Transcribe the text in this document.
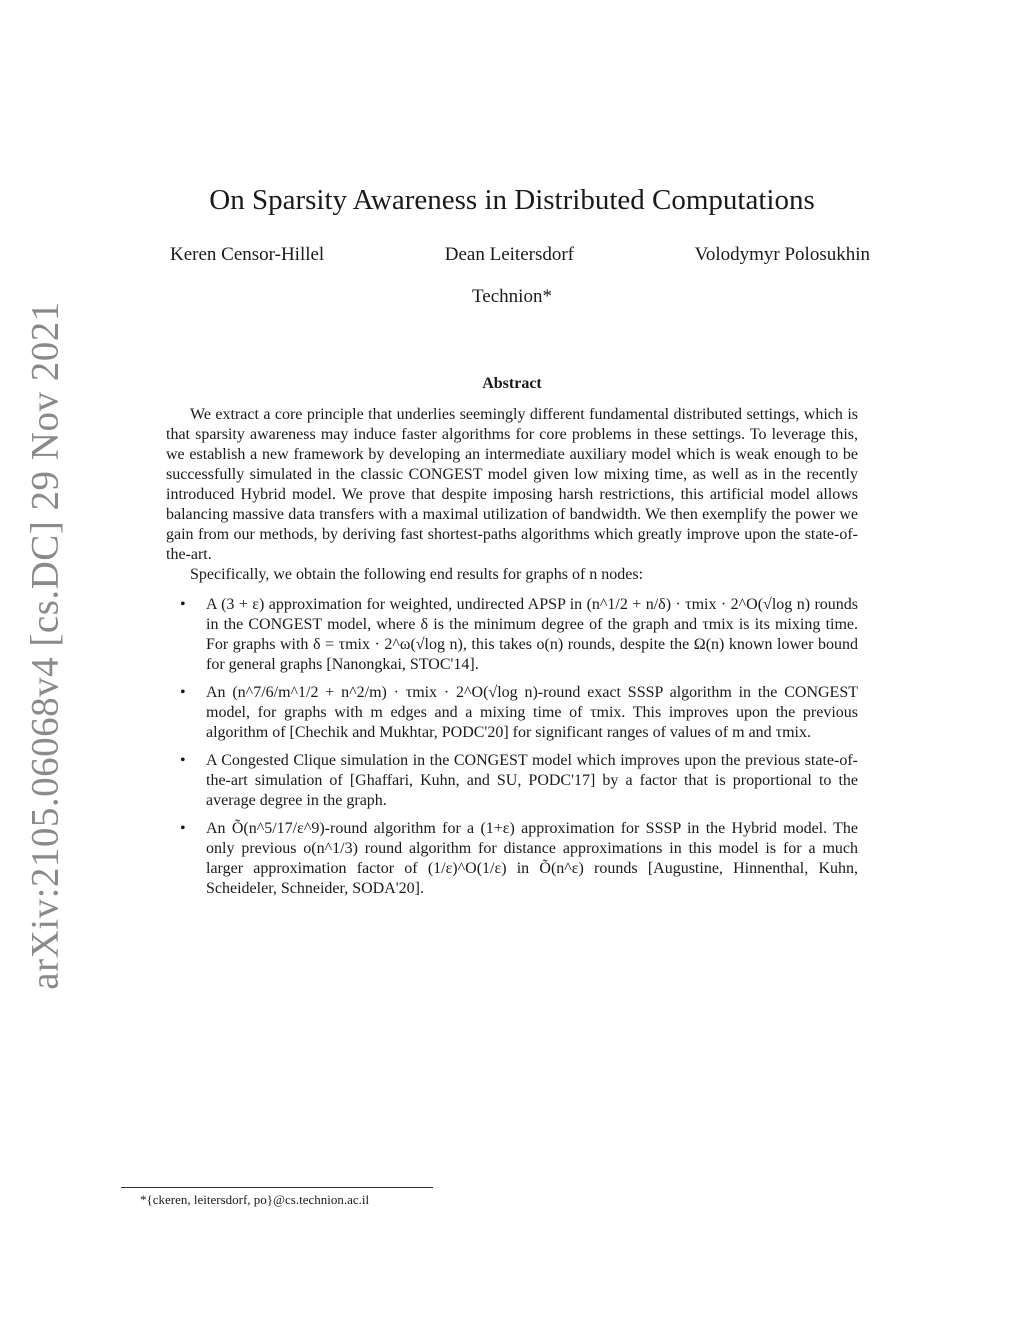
arXiv:2105.06068v4 [cs.DC] 29 Nov 2021
On Sparsity Awareness in Distributed Computations
Keren Censor-Hillel	Dean Leitersdorf	Volodymyr Polosukhin
Technion*
Abstract

We extract a core principle that underlies seemingly different fundamental distributed settings, which is that sparsity awareness may induce faster algorithms for core problems in these settings. To leverage this, we establish a new framework by developing an intermediate auxiliary model which is weak enough to be successfully simulated in the classic CONGEST model given low mixing time, as well as in the recently introduced Hybrid model. We prove that despite imposing harsh restrictions, this artificial model allows balancing massive data transfers with a maximal utilization of bandwidth. We then exemplify the power we gain from our methods, by deriving fast shortest-paths algorithms which greatly improve upon the state-of-the-art.

Specifically, we obtain the following end results for graphs of n nodes:

• A (3 + ε) approximation for weighted, undirected APSP in (n^1/2 + n/δ) · τmix · 2^O(√log n) rounds in the CONGEST model, where δ is the minimum degree of the graph and τmix is its mixing time. For graphs with δ = τmix · 2^ω(√log n), this takes o(n) rounds, despite the Ω(n) known lower bound for general graphs [Nanongkai, STOC'14].
• An (n^7/6/m^1/2 + n^2/m) · τmix · 2^O(√log n)-round exact SSSP algorithm in the CONGEST model, for graphs with m edges and a mixing time of τmix. This improves upon the previous algorithm of [Chechik and Mukhtar, PODC'20] for significant ranges of values of m and τmix.
• A Congested Clique simulation in the CONGEST model which improves upon the previous state-of-the-art simulation of [Ghaffari, Kuhn, and SU, PODC'17] by a factor that is proportional to the average degree in the graph.
• An Õ(n^5/17/ε^9)-round algorithm for a (1+ε) approximation for SSSP in the Hybrid model. The only previous o(n^1/3) round algorithm for distance approximations in this model is for a much larger approximation factor of (1/ε)^O(1/ε) in Õ(n^ε) rounds [Augustine, Hinnenthal, Kuhn, Scheideler, Schneider, SODA'20].
*{ckeren, leitersdorf, po}@cs.technion.ac.il
